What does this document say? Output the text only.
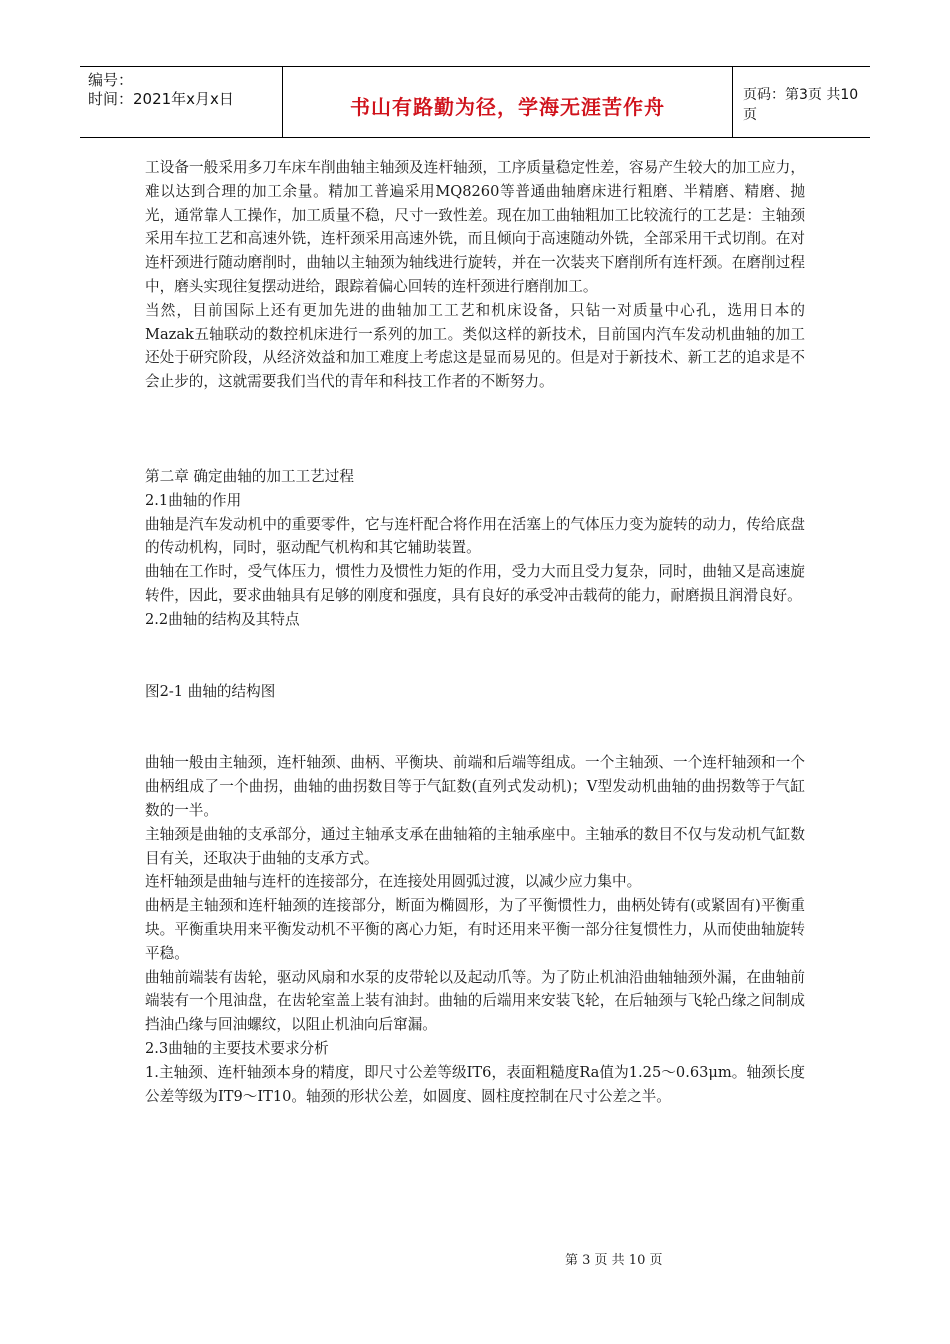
编号：
时间：2021年x月x日	书山有路勤为径，学海无涯苦作舟	页码：第3页 共10页

工设备一般采用多刀车床车削曲轴主轴颈及连杆轴颈，工序质量稳定性差，容易产生较大的加工应力，难以达到合理的加工余量。精加工普遍采用MQ8260等普通曲轴磨床进行粗磨、半精磨、精磨、抛光，通常靠人工操作，加工质量不稳，尺寸一致性差。现在加工曲轴粗加工比较流行的工艺是：主轴颈采用车拉工艺和高速外铣，连杆颈采用高速外铣，而且倾向于高速随动外铣，全部采用干式切削。在对连杆颈进行随动磨削时，曲轴以主轴颈为轴线进行旋转，并在一次装夹下磨削所有连杆颈。在磨削过程中，磨头实现往复摆动进给，跟踪着偏心回转的连杆颈进行磨削加工。

当然，目前国际上还有更加先进的曲轴加工工艺和机床设备，只钻一对质量中心孔，选用日本的Mazak五轴联动的数控机床进行一系列的加工。类似这样的新技术，目前国内汽车发动机曲轴的加工还处于研究阶段，从经济效益和加工难度上考虑这是显而易见的。但是对于新技术、新工艺的追求是不会止步的，这就需要我们当代的青年和科技工作者的不断努力。

第二章 确定曲轴的加工工艺过程

2.1曲轴的作用

曲轴是汽车发动机中的重要零件，它与连杆配合将作用在活塞上的气体压力变为旋转的动力，传给底盘的传动机构，同时，驱动配气机构和其它辅助装置。

曲轴在工作时，受气体压力，惯性力及惯性力矩的作用，受力大而且受力复杂，同时，曲轴又是高速旋转件，因此，要求曲轴具有足够的刚度和强度，具有良好的承受冲击载荷的能力，耐磨损且润滑良好。

2.2曲轴的结构及其特点

图2-1 曲轴的结构图

曲轴一般由主轴颈，连杆轴颈、曲柄、平衡块、前端和后端等组成。一个主轴颈、一个连杆轴颈和一个曲柄组成了一个曲拐，曲轴的曲拐数目等于气缸数(直列式发动机)；V型发动机曲轴的曲拐数等于气缸数的一半。

主轴颈是曲轴的支承部分，通过主轴承支承在曲轴箱的主轴承座中。主轴承的数目不仅与发动机气缸数目有关，还取决于曲轴的支承方式。

连杆轴颈是曲轴与连杆的连接部分，在连接处用圆弧过渡，以减少应力集中。

曲柄是主轴颈和连杆轴颈的连接部分，断面为椭圆形，为了平衡惯性力，曲柄处铸有(或紧固有)平衡重块。平衡重块用来平衡发动机不平衡的离心力矩，有时还用来平衡一部分往复惯性力，从而使曲轴旋转平稳。

曲轴前端装有齿轮，驱动风扇和水泵的皮带轮以及起动爪等。为了防止机油沿曲轴轴颈外漏，在曲轴前端装有一个甩油盘，在齿轮室盖上装有油封。曲轴的后端用来安装飞轮，在后轴颈与飞轮凸缘之间制成挡油凸缘与回油螺纹，以阻止机油向后窜漏。

2.3曲轴的主要技术要求分析

1.主轴颈、连杆轴颈本身的精度，即尺寸公差等级IT6，表面粗糙度Ra值为1.25～0.63μm。轴颈长度公差等级为IT9～IT10。轴颈的形状公差，如圆度、圆柱度控制在尺寸公差之半。

第 3 页 共 10 页
